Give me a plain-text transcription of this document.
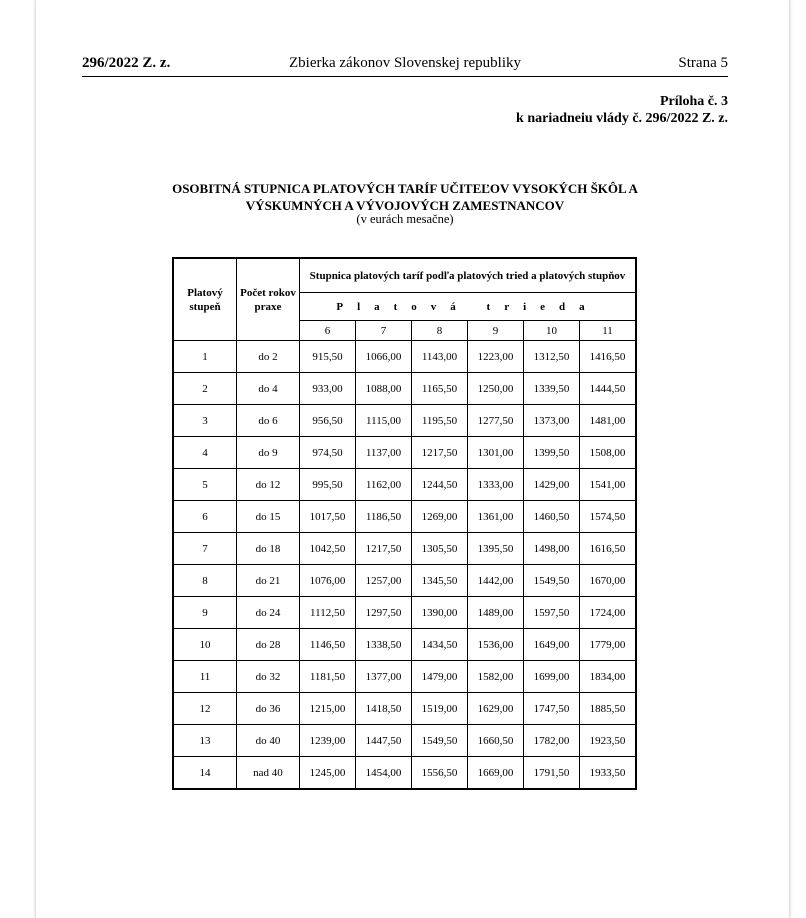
296/2022 Z. z.	Zbierka zákonov Slovenskej republiky	Strana 5
Príloha č. 3
k nariadneiu vlády č. 296/2022 Z. z.
OSOBITNÁ STUPNICA PLATOVÝCH TARÍF UČITEĽOV VYSOKÝCH ŠKÔL A
VÝSKUMNÝCH A VÝVOJOVÝCH ZAMESTNANCOV
(v eurách mesačne)
Platový stupeň	Počet rokov praxe	Stupnica platových taríf podľa platových tried a platových stupňov					
		Platová trieda					
		6	7	8	9	10	11
1	do 2	915,50	1066,00	1143,00	1223,00	1312,50	1416,50
2	do 4	933,00	1088,00	1165,50	1250,00	1339,50	1444,50
3	do 6	956,50	1115,00	1195,50	1277,50	1373,00	1481,00
4	do 9	974,50	1137,00	1217,50	1301,00	1399,50	1508,00
5	do 12	995,50	1162,00	1244,50	1333,00	1429,00	1541,00
6	do 15	1017,50	1186,50	1269,00	1361,00	1460,50	1574,50
7	do 18	1042,50	1217,50	1305,50	1395,50	1498,00	1616,50
8	do 21	1076,00	1257,00	1345,50	1442,00	1549,50	1670,00
9	do 24	1112,50	1297,50	1390,00	1489,00	1597,50	1724,00
10	do 28	1146,50	1338,50	1434,50	1536,00	1649,00	1779,00
11	do 32	1181,50	1377,00	1479,00	1582,00	1699,00	1834,00
12	do 36	1215,00	1418,50	1519,00	1629,00	1747,50	1885,50
13	do 40	1239,00	1447,50	1549,50	1660,50	1782,00	1923,50
14	nad 40	1245,00	1454,00	1556,50	1669,00	1791,50	1933,50
